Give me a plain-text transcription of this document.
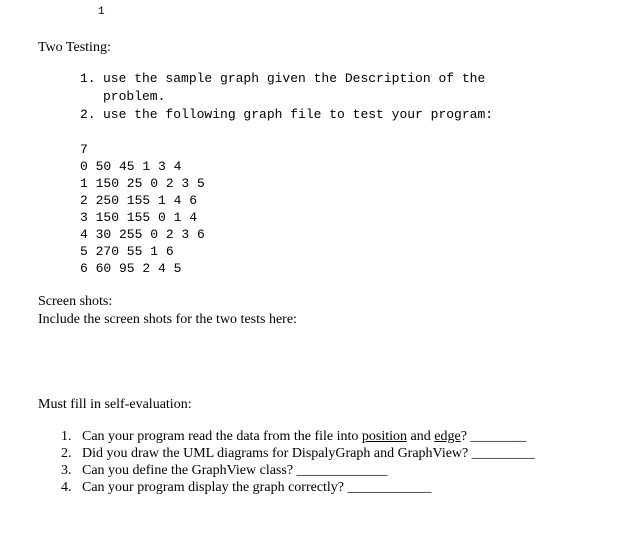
1
Two Testing:
1. use the sample graph given the Description of the
problem.
2. use the following graph file to test your program:
7
0 50 45 1 3 4
1 150 25 0 2 3 5
2 250 155 1 4 6
3 150 155 0 1 4
4 30 255 0 2 3 6
5 270 55 1 6
6 60 95 2 4 5
Screen shots:
Include the screen shots for the two tests here:
Must fill in self-evaluation:
1. Can your program read the data from the file into position and edge? ________
2. Did you draw the UML diagrams for DispalyGraph and GraphView? _________
3. Can you define the GraphView class? _____________
4. Can your program display the graph correctly? ____________
